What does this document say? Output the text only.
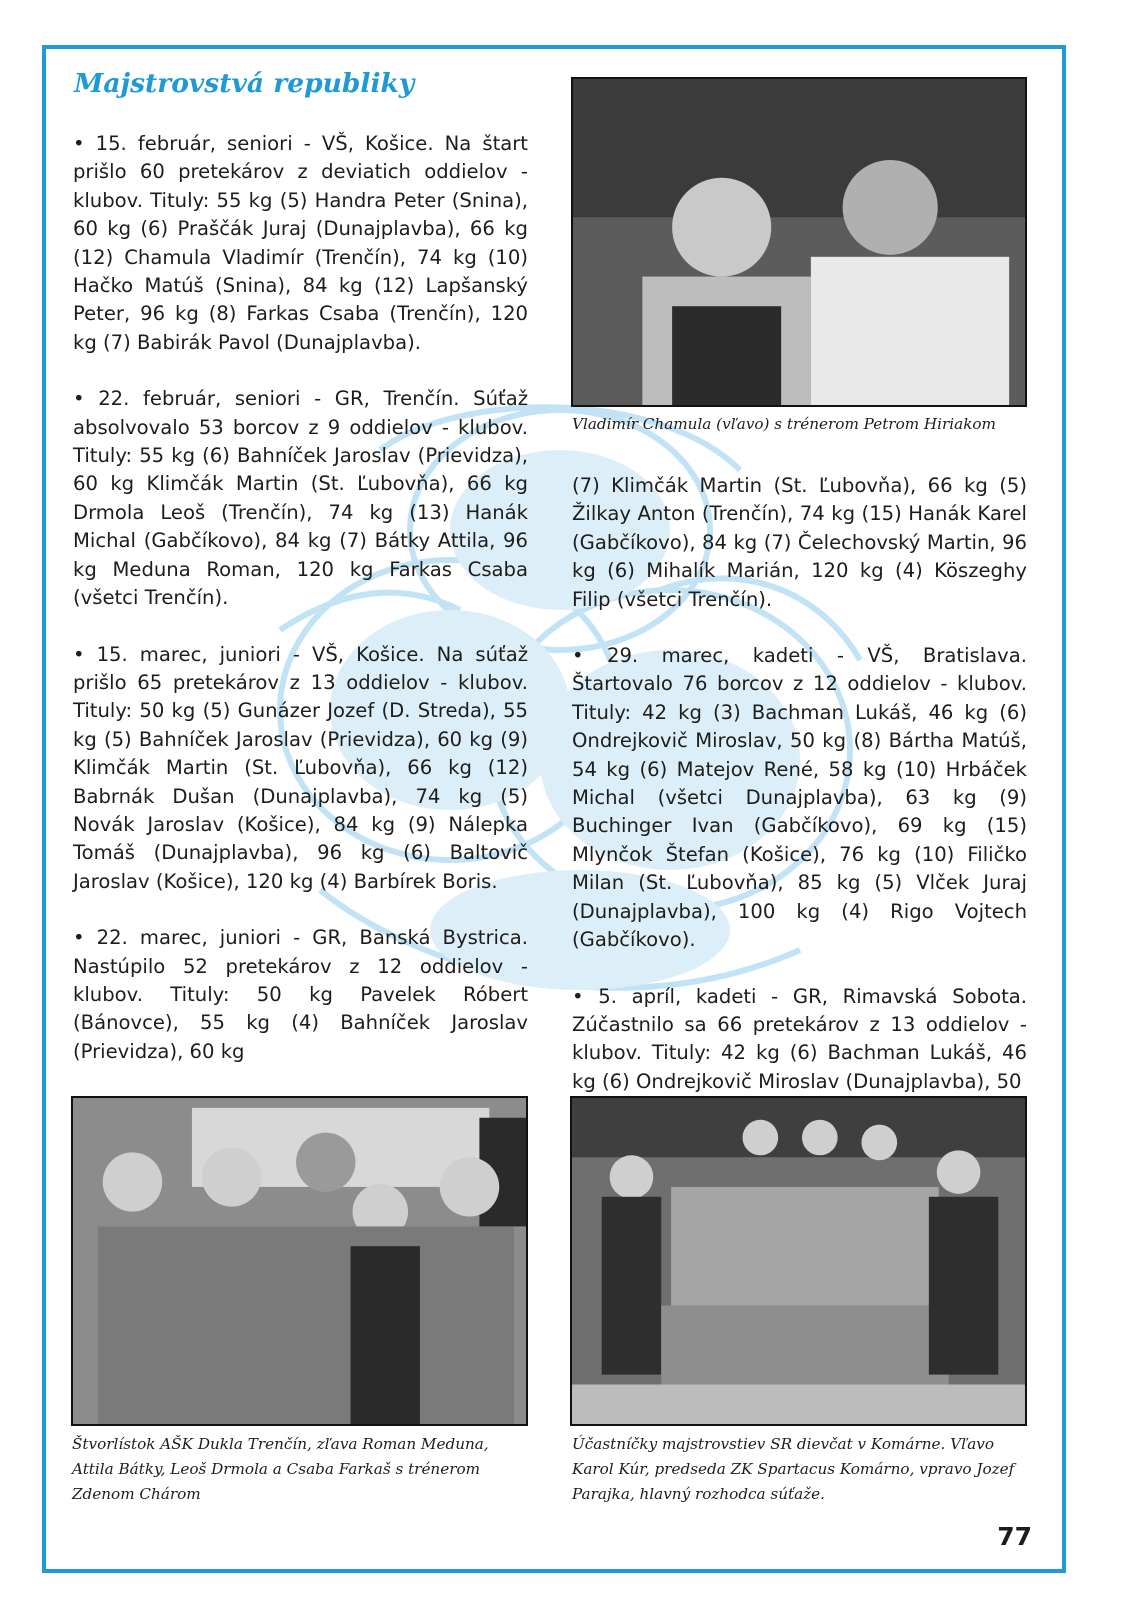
77
Majstrovstvá republiky

• 15. február, seniori - VŠ, Košice. Na štart prišlo 60 pretekárov z deviatich oddielov - klubov. Tituly: 55 kg (5) Handra Peter (Snina), 60 kg (6) Praščák Juraj (Dunajplavba), 66 kg (12) Chamula Vladimír (Trenčín), 74 kg (10) Hačko Matúš (Snina), 84 kg (12) Lapšanský Peter, 96 kg (8) Farkas Csaba (Trenčín), 120 kg (7) Babirák Pavol (Dunajplavba).

• 22. február, seniori - GR, Trenčín. Súťaž absolvovalo 53 borcov z 9 oddielov - klubov. Tituly: 55 kg (6) Bahníček Jaroslav (Prievidza), 60 kg Klimčák Martin (St. Ľubovňa), 66 kg Drmola Leoš (Trenčín), 74 kg (13) Hanák Michal (Gabčíkovo), 84 kg (7) Bátky Attila, 96 kg Meduna Roman, 120 kg Farkas Csaba (všetci Trenčín).

• 15. marec, juniori - VŠ, Košice. Na súťaž prišlo 65 pretekárov z 13 oddielov - klubov. Tituly: 50 kg (5) Gunázer Jozef (D. Streda), 55 kg (5) Bahníček Jaroslav (Prievidza), 60 kg (9) Klimčák Martin (St. Ľubovňa), 66 kg (12) Babrnák Dušan (Dunajplavba), 74 kg (5) Novák Jaroslav (Košice), 84 kg (9) Nálepka Tomáš (Dunajplavba), 96 kg (6) Baltovič Jaroslav (Košice), 120 kg (4) Barbírek Boris.

• 22. marec, juniori - GR, Banská Bystrica. Nastúpilo 52 pretekárov z 12 oddielov - klubov. Tituly: 50 kg Pavelek Róbert (Bánovce), 55 kg (4) Bahníček Jaroslav (Prievidza), 60 kg

(7) Klimčák Martin (St. Ľubovňa), 66 kg (5) Žilkay Anton (Trenčín), 74 kg (15) Hanák Karel (Gabčíkovo), 84 kg (7) Čelechovský Martin, 96 kg (6) Mihalík Marián, 120 kg (4) Köszeghy Filip (všetci Trenčín).

• 29. marec, kadeti - VŠ, Bratislava. Štartovalo 76 borcov z 12 oddielov - klubov. Tituly: 42 kg (3) Bachman Lukáš, 46 kg (6) Ondrejkovič Miroslav, 50 kg (8) Bártha Matúš, 54 kg (6) Matejov René, 58 kg (10) Hrbáček Michal (všetci Dunajplavba), 63 kg (9) Buchinger Ivan (Gabčíkovo), 69 kg (15) Mlynčok Štefan (Košice), 76 kg (10) Filičko Milan (St. Ľubovňa), 85 kg (5) Vlček Juraj (Dunajplavba), 100 kg (4) Rigo Vojtech (Gabčíkovo).

• 5. apríl, kadeti - GR, Rimavská Sobota. Zúčastnilo sa 66 pretekárov z 13 oddielov - klubov. Tituly: 42 kg (6) Bachman Lukáš, 46 kg (6) Ondrejkovič Miroslav (Dunajplavba), 50

Vladimír Chamula (vľavo) s trénerom Petrom Hiriakom

Štvorlístok AŠK Dukla Trenčín, zľava Roman Meduna, Attila Bátky, Leoš Drmola a Csaba Farkaš s trénerom Zdenom Chárom

Účastníčky majstrovstiev SR dievčat v Komárne. Vľavo Karol Kúr, predseda ZK Spartacus Komárno, vpravo Jozef Parajka, hlavný rozhodca súťaže.
